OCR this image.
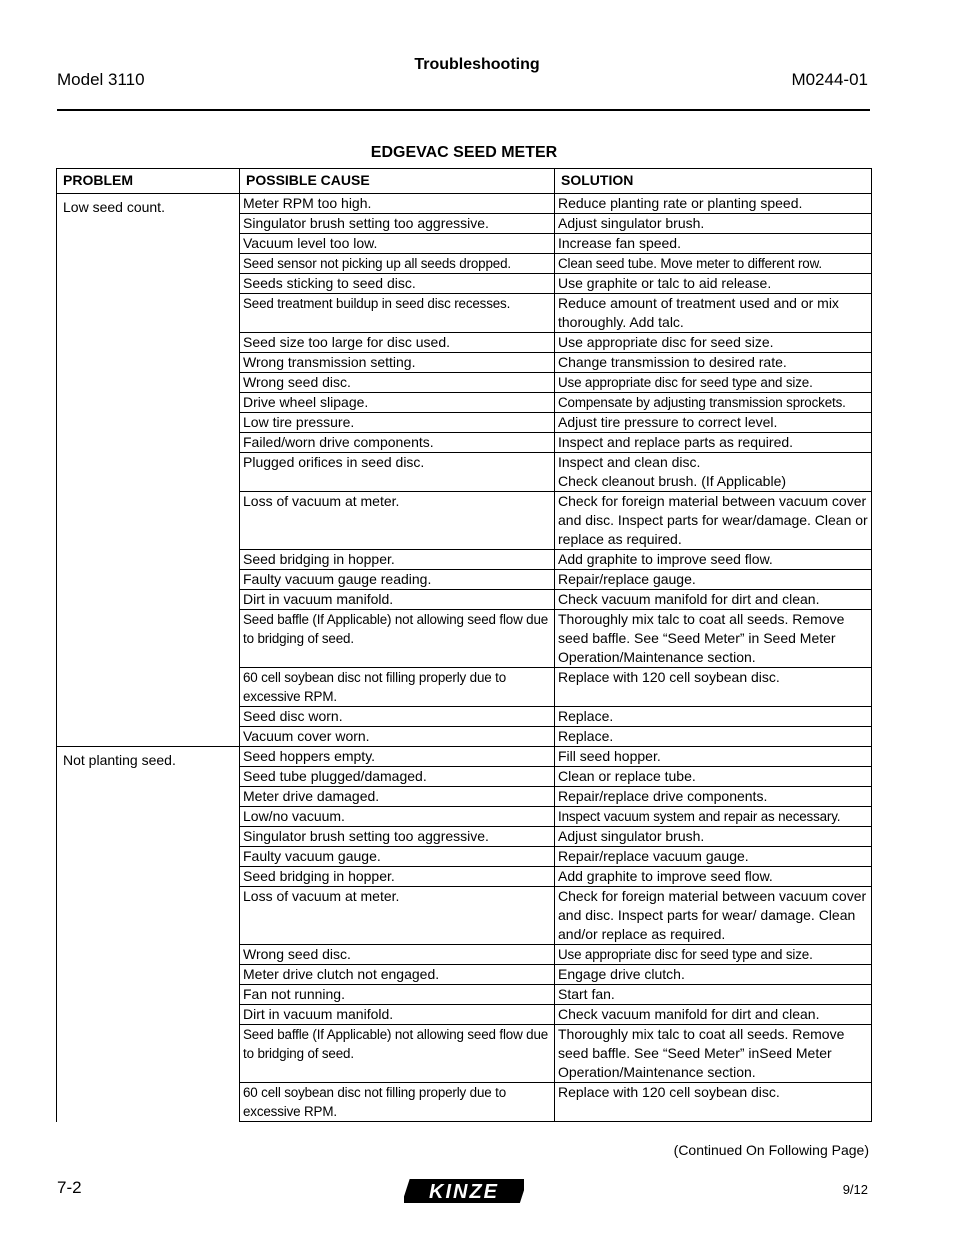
Model 3110
Troubleshooting
M0244-01
EDGEVAC SEED METER
PROBLEM	POSSIBLE CAUSE	SOLUTION
Low seed count.	Meter RPM too high.	Reduce planting rate or planting speed.
	Singulator brush setting too aggressive.	Adjust singulator brush.
	Vacuum level too low.	Increase fan speed.
	Seed sensor not picking up all seeds dropped.	Clean seed tube. Move meter to different row.
	Seeds sticking to seed disc.	Use graphite or talc to aid release.
	Seed treatment buildup in seed disc recesses.	Reduce amount of treatment used and or mix thoroughly. Add talc.
	Seed size too large for disc used.	Use appropriate disc for seed size.
	Wrong transmission setting.	Change transmission to desired rate.
	Wrong seed disc.	Use appropriate disc for seed type and size.
	Drive wheel slipage.	Compensate by adjusting transmission sprockets.
	Low tire pressure.	Adjust tire pressure to correct level.
	Failed/worn drive components.	Inspect and replace parts as required.
	Plugged orifices in seed disc.	Inspect and clean disc.
Check cleanout brush. (If Applicable)
	Loss of vacuum at meter.	Check for foreign material between vacuum cover and disc. Inspect parts for wear/damage. Clean or replace as required.
	Seed bridging in hopper.	Add graphite to improve seed flow.
	Faulty vacuum gauge reading.	Repair/replace gauge.
	Dirt in vacuum manifold.	Check vacuum manifold for dirt and clean.
	Seed baffle (If Applicable) not allowing seed flow due to bridging of seed.	Thoroughly mix talc to coat all seeds. Remove seed baffle. See “Seed Meter” in Seed Meter Operation/Maintenance section.
	60 cell soybean disc not filling properly due to excessive RPM.	Replace with 120 cell soybean disc.
	Seed disc worn.	Replace.
	Vacuum cover worn.	Replace.
Not planting seed.	Seed hoppers empty.	Fill seed hopper.
	Seed tube plugged/damaged.	Clean or replace tube.
	Meter drive damaged.	Repair/replace drive components.
	Low/no vacuum.	Inspect vacuum system and repair as necessary.
	Singulator brush setting too aggressive.	Adjust singulator brush.
	Faulty vacuum gauge.	Repair/replace vacuum gauge.
	Seed bridging in hopper.	Add graphite to improve seed flow.
	Loss of vacuum at meter.	Check for foreign material between vacuum cover and disc. Inspect parts for wear/ damage. Clean and/or replace as required.
	Wrong seed disc.	Use appropriate disc for seed type and size.
	Meter drive clutch not engaged.	Engage drive clutch.
	Fan not running.	Start fan.
	Dirt in vacuum manifold.	Check vacuum manifold for dirt and clean.
	Seed baffle (If Applicable) not allowing seed flow due to bridging of seed.	Thoroughly mix talc to coat all seeds. Remove seed baffle. See “Seed Meter” inSeed Meter Operation/Maintenance section.
	60 cell soybean disc not filling properly due to excessive RPM.	Replace with 120 cell soybean disc.
(Continued On Following Page)
7-2	KINZE	9/12
